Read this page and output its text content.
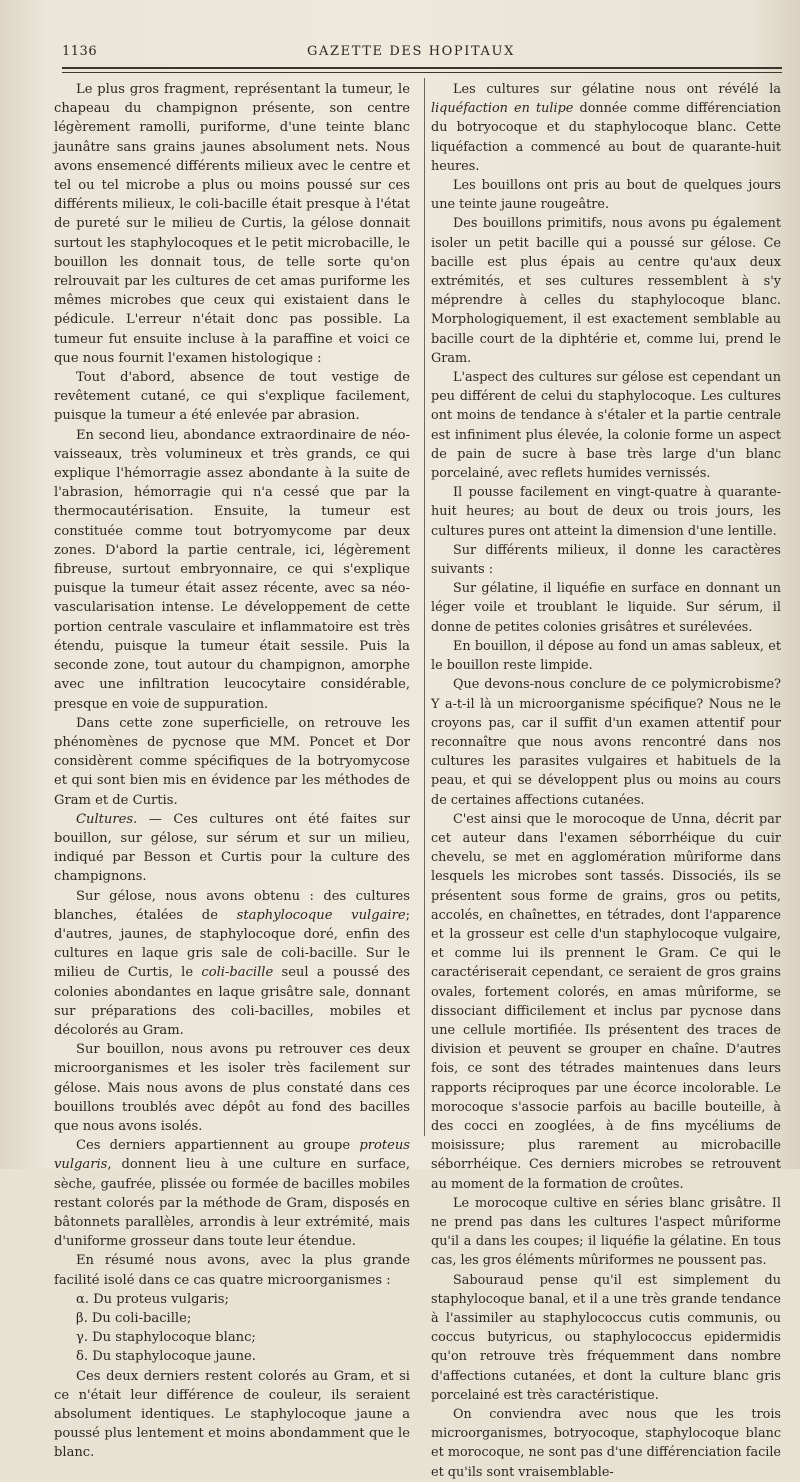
1136	GAZETTE DES HOPITAUX

Le plus gros fragment, représentant la tumeur, le chapeau du champignon présente, son centre légèrement ramolli, puriforme, d'une teinte blanc jaunâtre sans grains jaunes absolument nets. Nous avons ensemencé différents milieux avec le centre et tel ou tel microbe a plus ou moins poussé sur ces différents milieux, le coli-bacille était presque à l'état de pureté sur le milieu de Curtis, la gélose donnait surtout les staphylocoques et le petit microbacille, le bouillon les donnait tous, de telle sorte qu'on relrouvait par les cultures de cet amas puriforme les mêmes microbes que ceux qui existaient dans le pédicule. L'erreur n'était donc pas possible. La tumeur fut ensuite incluse à la paraffine et voici ce que nous fournit l'examen histologique :

Tout d'abord, absence de tout vestige de revêtement cutané, ce qui s'explique facilement, puisque la tumeur a été enlevée par abrasion.

En second lieu, abondance extraordinaire de néo-vaisseaux, très volumineux et très grands, ce qui explique l'hémorragie assez abondante à la suite de l'abrasion, hémorragie qui n'a cessé que par la thermocautérisation. Ensuite, la tumeur est constituée comme tout botryomycome par deux zones. D'abord la partie centrale, ici, légèrement fibreuse, surtout embryonnaire, ce qui s'explique puisque la tumeur était assez récente, avec sa néo-vascularisation intense. Le développement de cette portion centrale vasculaire et inflammatoire est très étendu, puisque la tumeur était sessile. Puis la seconde zone, tout autour du champignon, amorphe avec une infiltration leucocytaire considérable, presque en voie de suppuration.

Dans cette zone superficielle, on retrouve les phénomènes de pycnose que MM. Poncet et Dor considèrent comme spécifiques de la botryomycose et qui sont bien mis en évidence par les méthodes de Gram et de Curtis.

Cultures. — Ces cultures ont été faites sur bouillon, sur gélose, sur sérum et sur un milieu, indiqué par Besson et Curtis pour la culture des champignons.

Sur gélose, nous avons obtenu : des cultures blanches, étalées de staphylocoque vulgaire; d'autres, jaunes, de staphylocoque doré, enfin des cultures en laque gris sale de coli-bacille. Sur le milieu de Curtis, le coli-bacille seul a poussé des colonies abondantes en laque grisâtre sale, donnant sur préparations des coli-bacilles, mobiles et décolorés au Gram.

Sur bouillon, nous avons pu retrouver ces deux microorganismes et les isoler très facilement sur gélose. Mais nous avons de plus constaté dans ces bouillons troublés avec dépôt au fond des bacilles que nous avons isolés.

Ces derniers appartiennent au groupe proteus vulgaris, donnent lieu à une culture en surface, sèche, gaufrée, plissée ou formée de bacilles mobiles restant colorés par la méthode de Gram, disposés en bâtonnets parallèles, arrondis à leur extrémité, mais d'uniforme grosseur dans toute leur étendue.

En résumé nous avons, avec la plus grande facilité isolé dans ce cas quatre microorganismes :

α. Du proteus vulgaris;

β. Du coli-bacille;

γ. Du staphylocoque blanc;

δ. Du staphylocoque jaune.

Ces deux derniers restent colorés au Gram, et si ce n'était leur différence de couleur, ils seraient absolument identiques. Le staphylocoque jaune a poussé plus lentement et moins abondamment que le blanc.

Les cultures sur gélatine nous ont révélé la liquéfaction en tulipe donnée comme différenciation du botryocoque et du staphylocoque blanc. Cette liquéfaction a commencé au bout de quarante-huit heures.

Les bouillons ont pris au bout de quelques jours une teinte jaune rougeâtre.

Des bouillons primitifs, nous avons pu également isoler un petit bacille qui a poussé sur gélose. Ce bacille est plus épais au centre qu'aux deux extrémités, et ses cultures ressemblent à s'y méprendre à celles du staphylocoque blanc. Morphologiquement, il est exactement semblable au bacille court de la diphtérie et, comme lui, prend le Gram.

L'aspect des cultures sur gélose est cependant un peu différent de celui du staphylocoque. Les cultures ont moins de tendance à s'étaler et la partie centrale est infiniment plus élevée, la colonie forme un aspect de pain de sucre à base très large d'un blanc porcelainé, avec reflets humides vernissés.

Il pousse facilement en vingt-quatre à quarante-huit heures; au bout de deux ou trois jours, les cultures pures ont atteint la dimension d'une lentille.

Sur différents milieux, il donne les caractères suivants :

Sur gélatine, il liquéfie en surface en donnant un léger voile et troublant le liquide. Sur sérum, il donne de petites colonies grisâtres et surélevées.

En bouillon, il dépose au fond un amas sableux, et le bouillon reste limpide.

Que devons-nous conclure de ce polymicrobisme? Y a-t-il là un microorganisme spécifique? Nous ne le croyons pas, car il suffit d'un examen attentif pour reconnaître que nous avons rencontré dans nos cultures les parasites vulgaires et habituels de la peau, et qui se développent plus ou moins au cours de certaines affections cutanées.

C'est ainsi que le morocoque de Unna, décrit par cet auteur dans l'examen séborrhéique du cuir chevelu, se met en agglomération mûriforme dans lesquels les microbes sont tassés. Dissociés, ils se présentent sous forme de grains, gros ou petits, accolés, en chaînettes, en tétrades, dont l'apparence et la grosseur est celle d'un staphylocoque vulgaire, et comme lui ils prennent le Gram. Ce qui le caractériserait cependant, ce seraient de gros grains ovales, fortement colorés, en amas mûriforme, se dissociant difficilement et inclus par pycnose dans une cellule mortifiée. Ils présentent des traces de division et peuvent se grouper en chaîne. D'autres fois, ce sont des tétrades maintenues dans leurs rapports réciproques par une écorce incolorable. Le morocoque s'associe parfois au bacille bouteille, à des cocci en zooglées, à de fins mycéliums de moisissure; plus rarement au microbacille séborrhéique. Ces derniers microbes se retrouvent au moment de la formation de croûtes.

Le morocoque cultive en séries blanc grisâtre. Il ne prend pas dans les cultures l'aspect mûriforme qu'il a dans les coupes; il liquéfie la gélatine. En tous cas, les gros éléments mûriformes ne poussent pas.

Sabouraud pense qu'il est simplement du staphylocoque banal, et il a une très grande tendance à l'assimiler au staphylococcus cutis communis, ou coccus butyricus, ou staphylococcus epidermidis qu'on retrouve très fréquemment dans nombre d'affections cutanées, et dont la culture blanc gris porcelainé est très caractéristique.

On conviendra avec nous que les trois microorganismes, botryocoque, staphylocoque blanc et morocoque, ne sont pas d'une différenciation facile et qu'ils sont vraisemblable-
